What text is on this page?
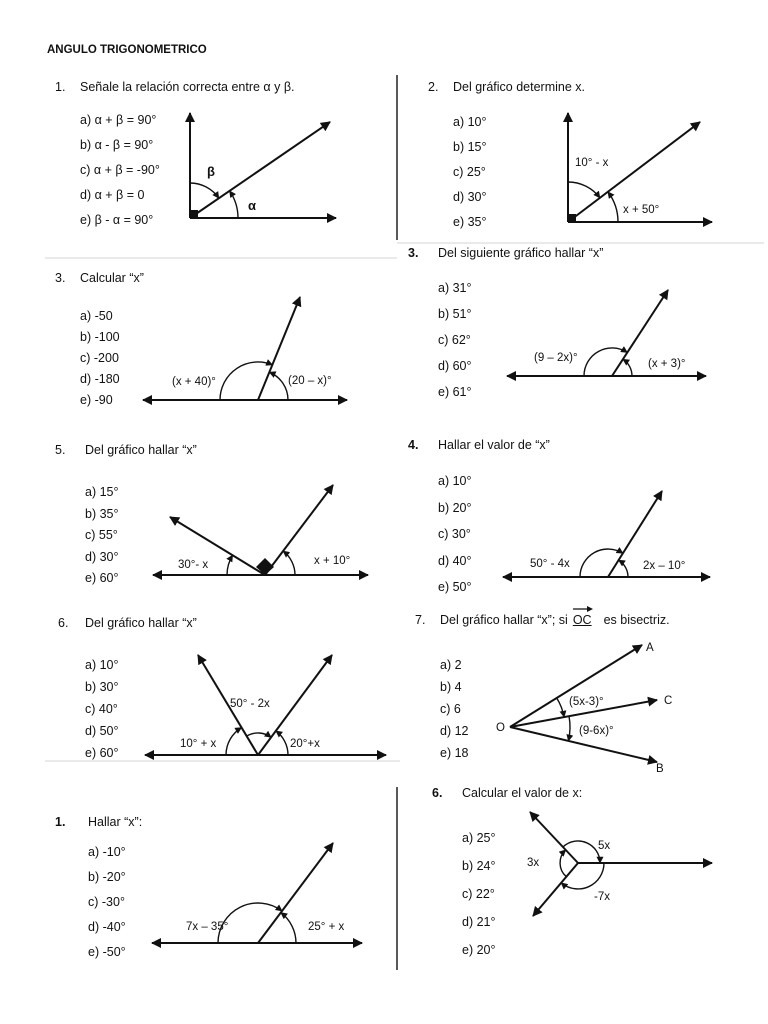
ANGULO TRIGONOMETRICO
1. Señale la relación correcta entre α y β.
a) α + β = 90°
b) α - β = 90°
c) α + β = -90°
d) α + β = 0
e) β - α = 90°
2. Del gráfico determine x.
a) 10°
b) 15°
c) 25°
d) 30°
e) 35°
3. Calcular “x”
a) -50
b) -100
c) -200
d) -180
e) -90
3. Del siguiente gráfico hallar “x”
a) 31°
b) 51°
c) 62°
d) 60°
e) 61°
5. Del gráfico hallar “x”
a) 15°
b) 35°
c) 55°
d) 30°
e) 60°
4. Hallar el valor de “x”
a) 10°
b) 20°
c) 30°
d) 40°
e) 50°
6. Del gráfico hallar “x”
a) 10°
b) 30°
c) 40°
d) 50°
e) 60°
7. Del gráfico hallar “x”; si OC es bisectriz.
a) 2
b) 4
c) 6
d) 12
e) 18
1. Hallar “x”:
a) -10°
b) -20°
c) -30°
d) -40°
e) -50°
6. Calcular el valor de x:
a) 25°
b) 24°
c) 22°
d) 21°
e) 20°
β
α
10° - x
x + 50°
(x + 40)°	(20 – x)°
(9 – 2x)°	(x + 3)°
30°- x	x + 10°	50° - 4x	2x – 10°
50° - 2x
10° + x	20°+x
A
C
O
B
(5x-3)°
(9-6x)°
7x – 35°	25° + x
5x
3x
-7x
